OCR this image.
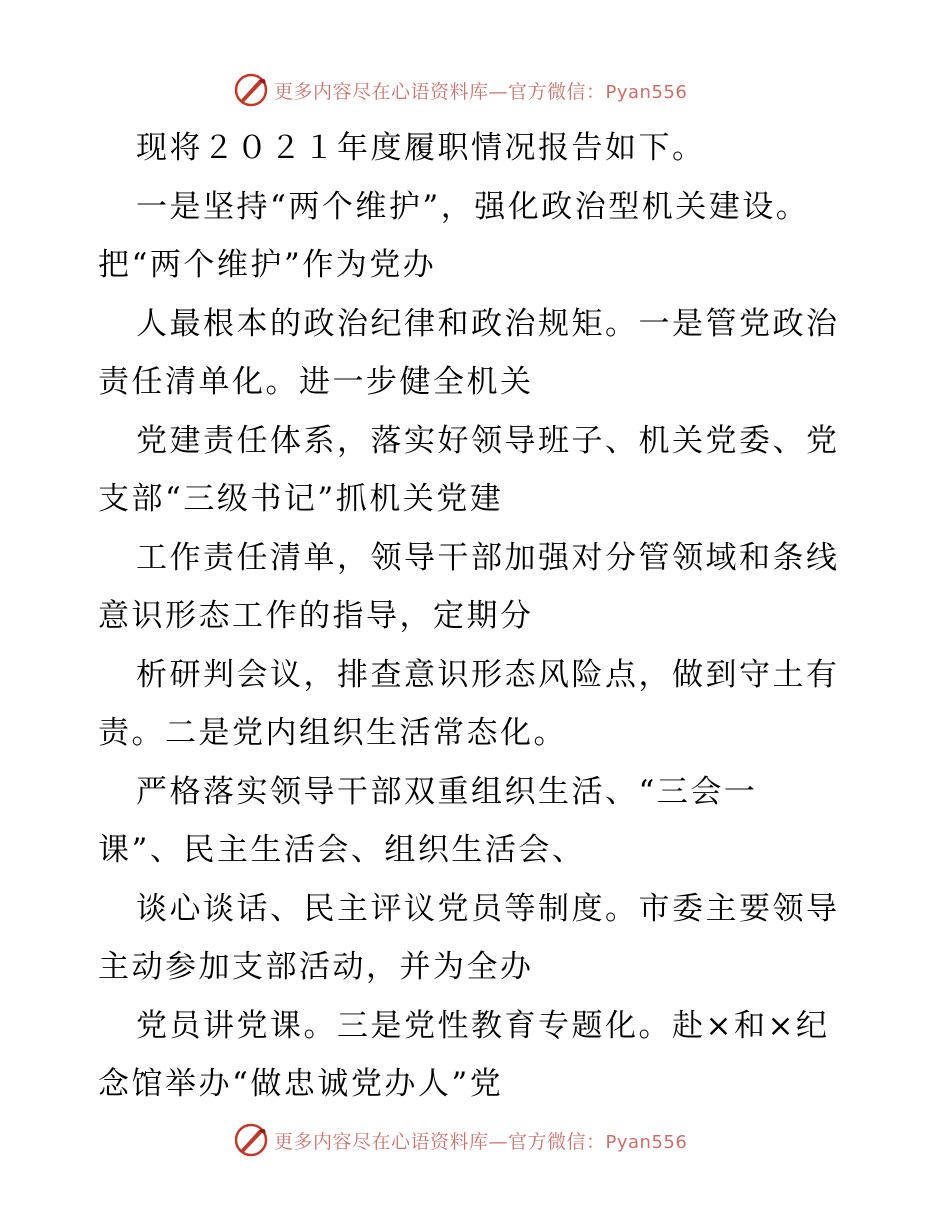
更多内容尽在心语资料库—官方微信：Pyan556
现将２０２１年度履职情况报告如下。
一是坚持“两个维护”，强化政治型机关建设。
把“两个维护”作为党办
人最根本的政治纪律和政治规矩。一是管党政治
责任清单化。进一步健全机关
党建责任体系，落实好领导班子、机关党委、党
支部“三级书记”抓机关党建
工作责任清单，领导干部加强对分管领域和条线
意识形态工作的指导，定期分
析研判会议，排查意识形态风险点，做到守土有
责。二是党内组织生活常态化。
严格落实领导干部双重组织生活、“三会一
课”、民主生活会、组织生活会、
谈心谈话、民主评议党员等制度。市委主要领导
主动参加支部活动，并为全办
党员讲党课。三是党性教育专题化。赴×和×纪
念馆举办“做忠诚党办人”党
更多内容尽在心语资料库—官方微信：Pyan556
